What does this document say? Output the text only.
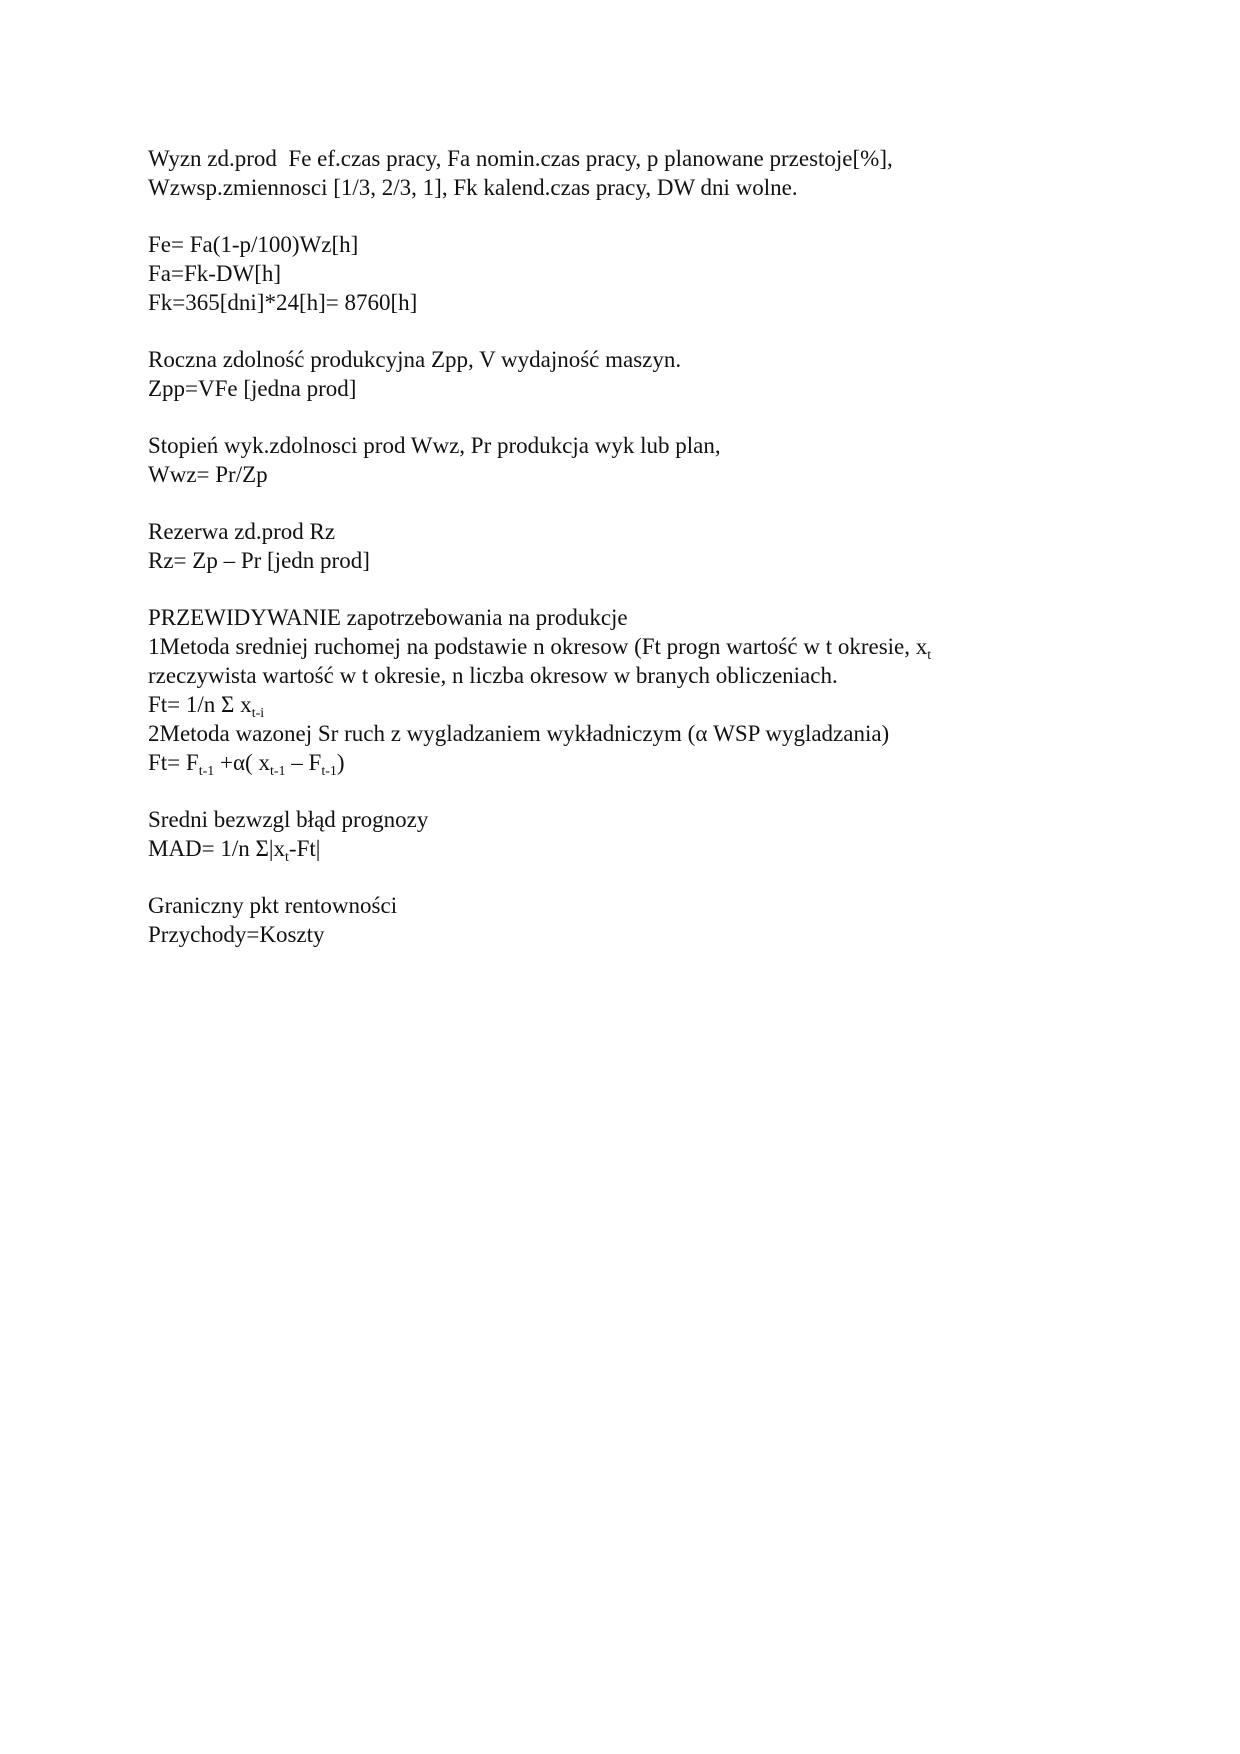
Wyzn zd.prod  Fe ef.czas pracy, Fa nomin.czas pracy, p planowane przestoje[%],
Wzwsp.zmiennosci [1/3, 2/3, 1], Fk kalend.czas pracy, DW dni wolne.
Fe= Fa(1-p/100)Wz[h]
Fa=Fk-DW[h]
Fk=365[dni]*24[h]= 8760[h]
Roczna zdolność produkcyjna Zpp, V wydajność maszyn.
Zpp=VFe [jedna prod]
Stopień wyk.zdolnosci prod Wwz, Pr produkcja wyk lub plan,
Wwz= Pr/Zp
Rezerwa zd.prod Rz
Rz= Zp – Pr [jedn prod]
PRZEWIDYWANIE zapotrzebowania na produkcje
1Metoda sredniej ruchomej na podstawie n okresow (Ft progn wartość w t okresie, $x_t$
rzeczywista wartość w t okresie, n liczba okresow w branych obliczeniach.
Ft= 1/n Σ $x_{t-i}$
2Metoda wazonej Sr ruch z wygladzaniem wykładniczym (α WSP wygladzania)
$Ft= F_{t-1} +\alpha$( $x_{t-1} - F_{t-1}$)
Sredni bezwzgl błąd prognozy
MAD= 1/n $\Sigma|x_t-Ft|$
Graniczny pkt rentowności
Przychody=Koszty
